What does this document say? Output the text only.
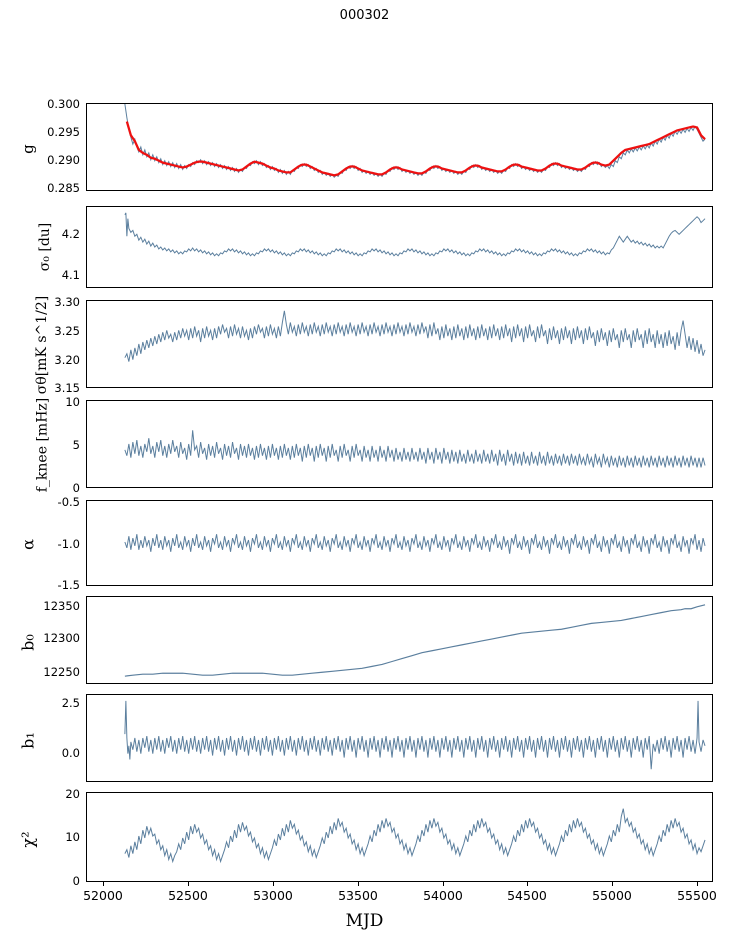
000302
g
0.300
0.295
0.290
0.285
σ₀ [du] 4.2
4.1
σθ[mK s^1/2] 3.30
3.25
3.20
3.15
f_knee [mHz]	10
5
0
α
-0.5
-1.0
-1.5
b₀
12350
12300
12250
b₁
2.5
0.0
χ²
20
10
0
52000	52500	53000	53500	54000	54500	55000	55500
MJD
